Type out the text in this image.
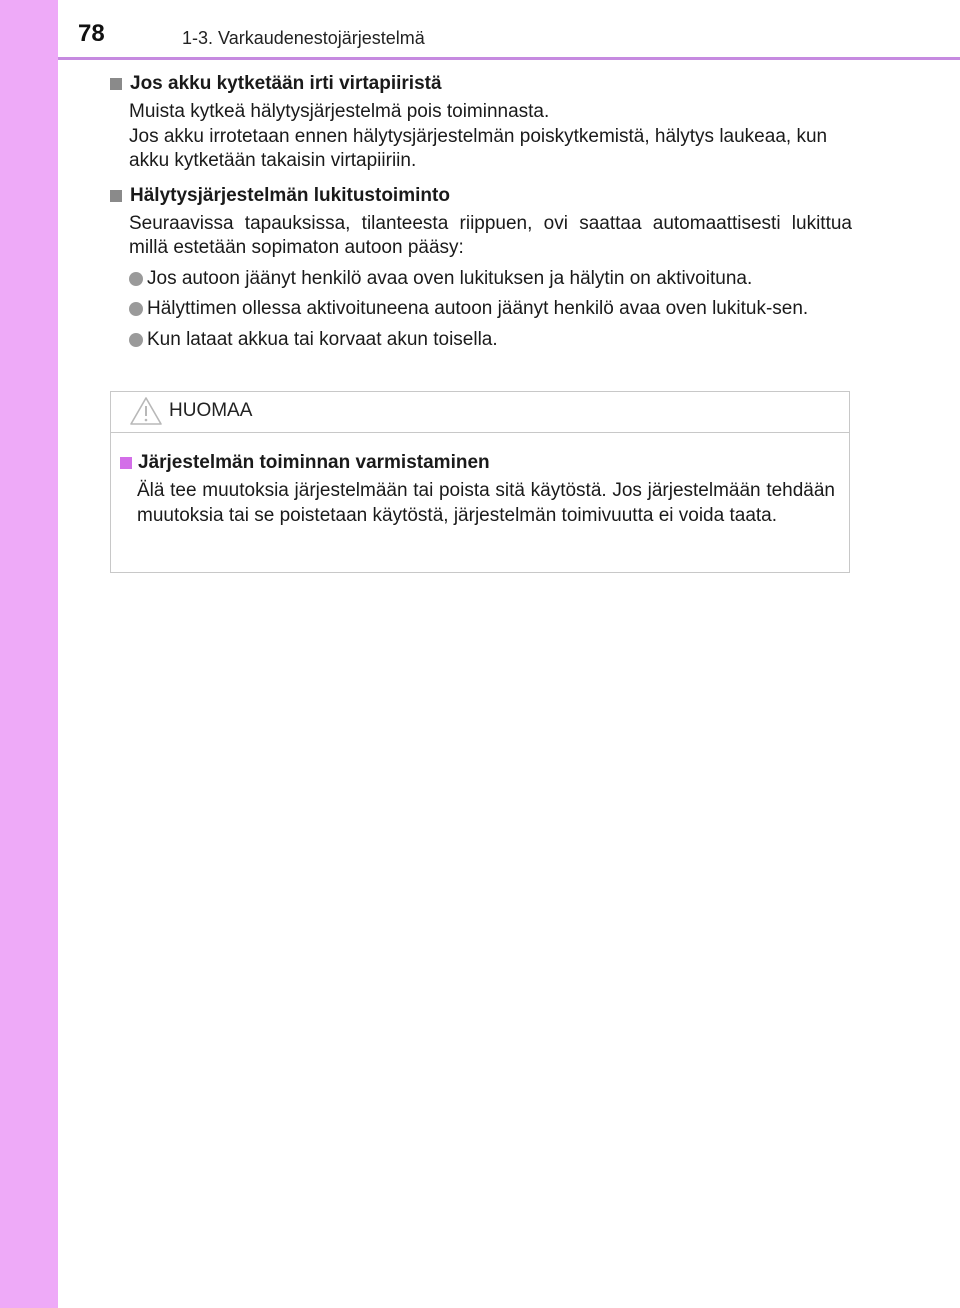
78	1-3. Varkaudenestojärjestelmä
Jos akku kytketään irti virtapiiristä
Muista kytkeä hälytysjärjestelmä pois toiminnasta.
Jos akku irrotetaan ennen hälytysjärjestelmän poiskytkemistä, hälytys laukeaa, kun akku kytketään takaisin virtapiiriin.
Hälytysjärjestelmän lukitustoiminto
Seuraavissa tapauksissa, tilanteesta riippuen, ovi saattaa automaattisesti lukittua millä estetään sopimaton autoon pääsy:
Jos autoon jäänyt henkilö avaa oven lukituksen ja hälytin on aktivoituna.
Hälyttimen ollessa aktivoituneena autoon jäänyt henkilö avaa oven lukituk-sen.
Kun lataat akkua tai korvaat akun toisella.
HUOMAA
Järjestelmän toiminnan varmistaminen
Älä tee muutoksia järjestelmään tai poista sitä käytöstä. Jos järjestelmään tehdään muutoksia tai se poistetaan käytöstä, järjestelmän toimivuutta ei voida taata.
